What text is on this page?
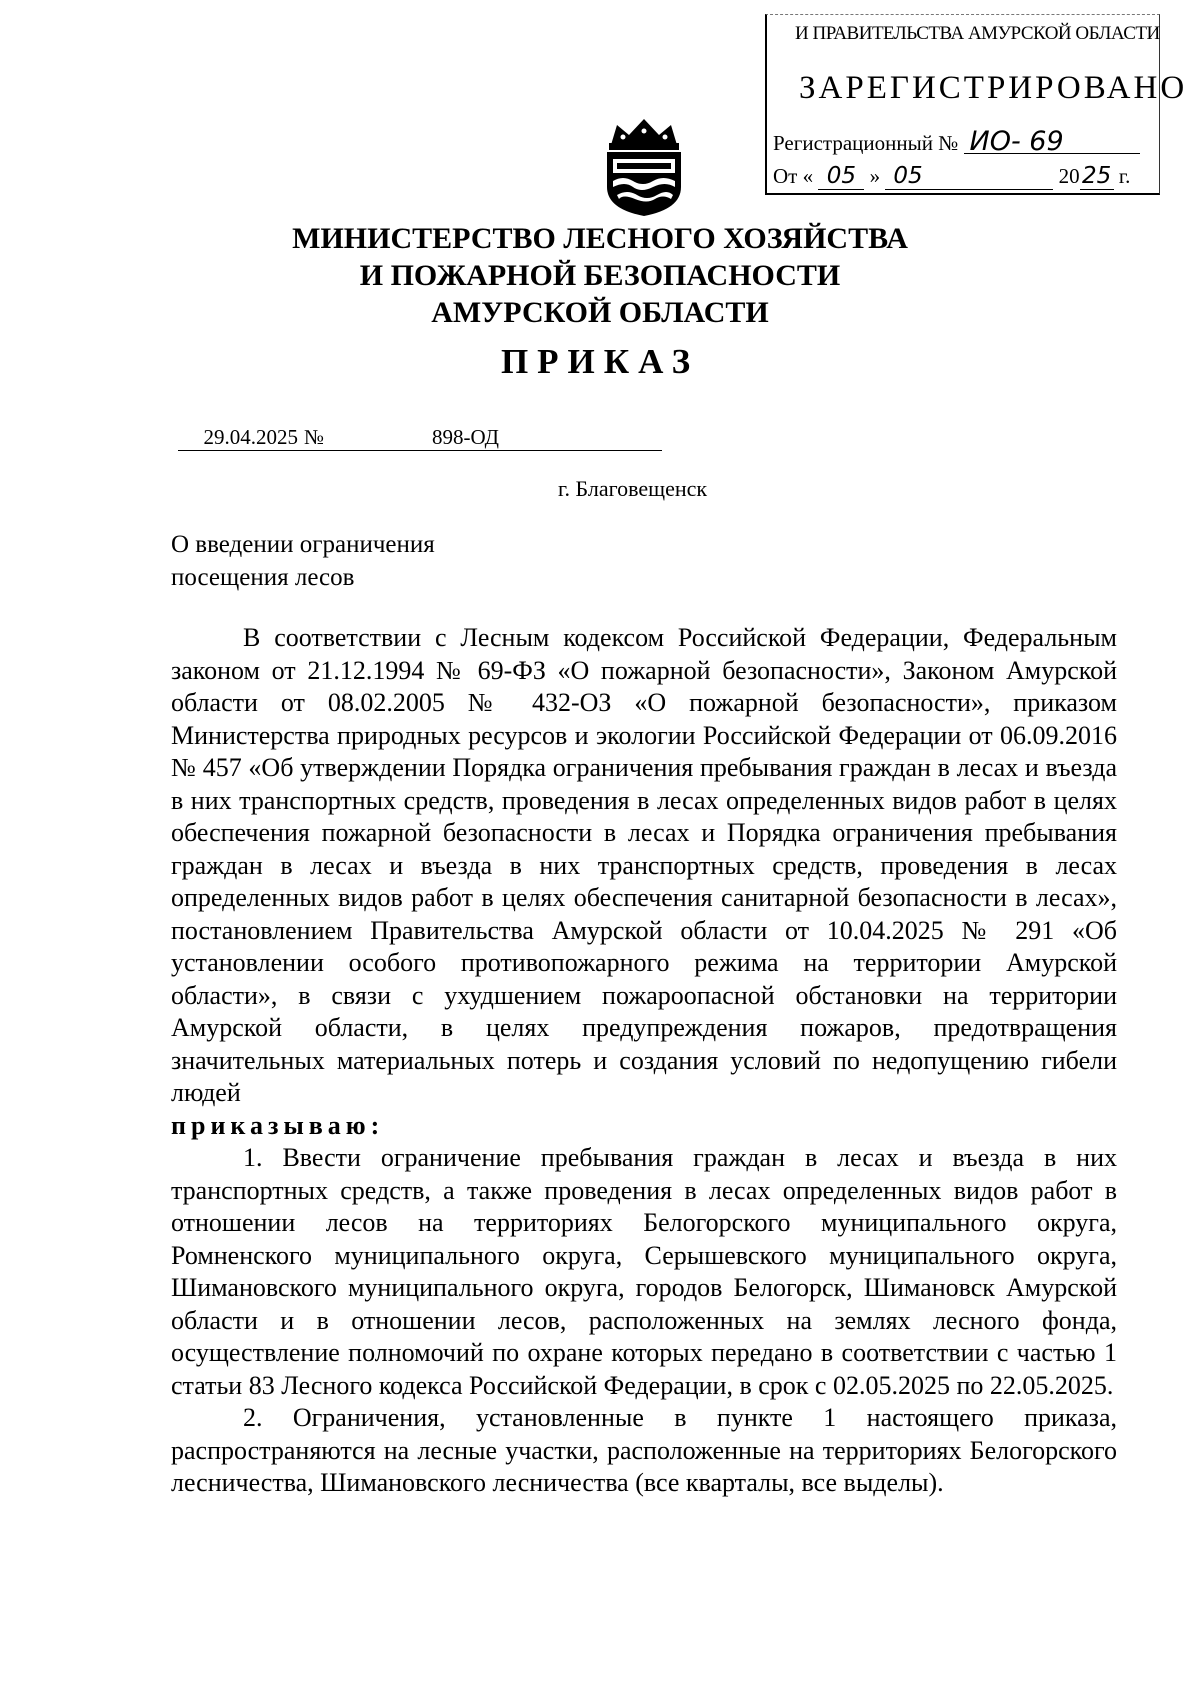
И ПРАВИТЕЛЬСТВА АМУРСКОЙ ОБЛАСТИ
ЗАРЕГИСТРИРОВАНО
Регистрационный № ИО- 69
От « 05 » 05	20 25 г.
МИНИСТЕРСТВО ЛЕСНОГО ХОЗЯЙСТВА
И ПОЖАРНОЙ БЕЗОПАСНОСТИ
АМУРСКОЙ ОБЛАСТИ
ПРИКАЗ
29.04.2025 №	898-ОД
г. Благовещенск
О введении ограничения
посещения лесов

В соответствии с Лесным кодексом Российской Федерации, Федеральным законом от 21.12.1994 № 69-ФЗ «О пожарной безопасности», Законом Амурской области от 08.02.2005 № 432-ОЗ «О пожарной безопасности», приказом Министерства природных ресурсов и экологии Российской Федерации от 06.09.2016 № 457 «Об утверждении Порядка ограничения пребывания граждан в лесах и въезда в них транспортных средств, проведения в лесах определенных видов работ в целях обеспечения пожарной безопасности в лесах и Порядка ограничения пребывания граждан в лесах и въезда в них транспортных средств, проведения в лесах определенных видов работ в целях обеспечения санитарной безопасности в лесах», постановлением Правительства Амурской области от 10.04.2025 № 291 «Об установлении особого противопожарного режима на территории Амурской области», в связи с ухудшением пожароопасной обстановки на территории Амурской области, в целях предупреждения пожаров, предотвращения значительных материальных потерь и создания условий по недопущению гибели людей

приказываю:

1. Ввести ограничение пребывания граждан в лесах и въезда в них транспортных средств, а также проведения в лесах определенных видов работ в отношении лесов на территориях Белогорского муниципального округа, Ромненского муниципального округа, Серышевского муниципального округа, Шимановского муниципального округа, городов Белогорск, Шимановск Амурской области и в отношении лесов, расположенных на землях лесного фонда, осуществление полномочий по охране которых передано в соответствии с частью 1 статьи 83 Лесного кодекса Российской Федерации, в срок с 02.05.2025 по 22.05.2025.

2. Ограничения, установленные в пункте 1 настоящего приказа, распространяются на лесные участки, расположенные на территориях Белогорского лесничества, Шимановского лесничества (все кварталы, все выделы).
